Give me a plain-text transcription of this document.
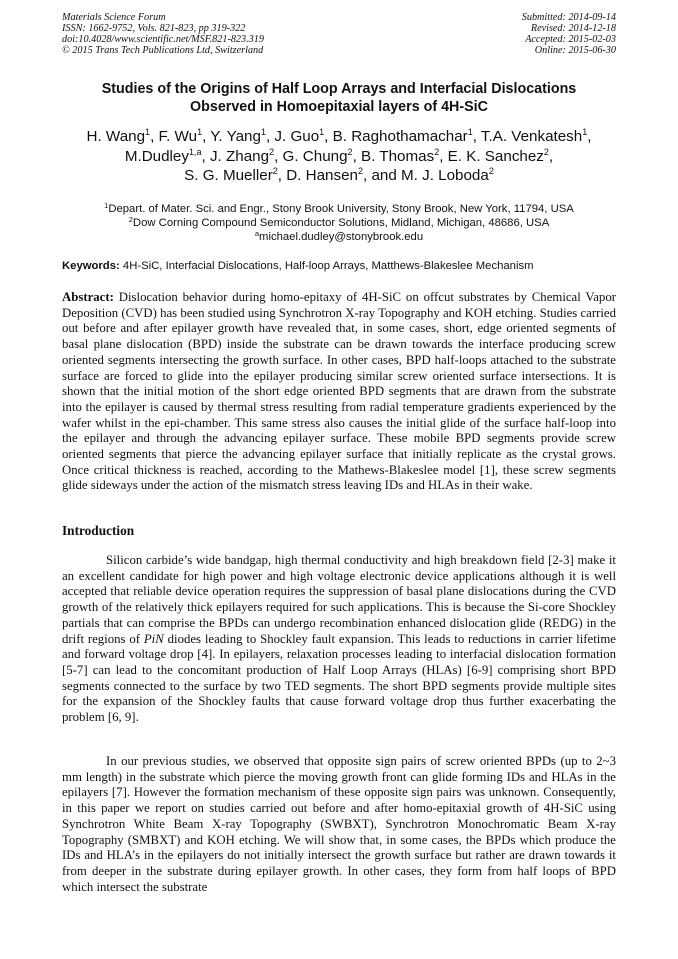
Materials Science Forum
ISSN: 1662-9752, Vols. 821-823, pp 319-322
doi:10.4028/www.scientific.net/MSF.821-823.319
© 2015 Trans Tech Publications Ltd, Switzerland
Submitted: 2014-09-14
Revised: 2014-12-18
Accepted: 2015-02-03
Online: 2015-06-30
Studies of the Origins of Half Loop Arrays and Interfacial Dislocations
Observed in Homoepitaxial layers of 4H-SiC
H. Wang$^1$, F. Wu$^1$, Y. Yang$^1$, J. Guo$^1$, B. Raghothamachar$^1$, T.A. Venkatesh$^1$,
M.Dudley$^{1,a}$, J. Zhang$^2$, G. Chung$^2$, B. Thomas$^2$, E. K. Sanchez$^2$,
S. G. Mueller$^2$, D. Hansen$^2$, and M. J. Loboda$^2$
$^1$Depart. of Mater. Sci. and Engr., Stony Brook University, Stony Brook, New York, 11794, USA
$^2$Dow Corning Compound Semiconductor Solutions, Midland, Michigan, 48686, USA
$^a$michael.dudley@stonybrook.edu
Keywords: 4H-SiC, Interfacial Dislocations, Half-loop Arrays, Matthews-Blakeslee Mechanism
Abstract: Dislocation behavior during homo-epitaxy of 4H-SiC on offcut substrates by Chemical Vapor Deposition (CVD) has been studied using Synchrotron X-ray Topography and KOH etching. Studies carried out before and after epilayer growth have revealed that, in some cases, short, edge oriented segments of basal plane dislocation (BPD) inside the substrate can be drawn towards the interface producing screw oriented segments intersecting the growth surface. In other cases, BPD half-loops attached to the substrate surface are forced to glide into the epilayer producing similar screw oriented surface intersections. It is shown that the initial motion of the short edge oriented BPD segments that are drawn from the substrate into the epilayer is caused by thermal stress resulting from radial temperature gradients experienced by the wafer whilst in the epi-chamber. This same stress also causes the initial glide of the surface half-loop into the epilayer and through the advancing epilayer surface. These mobile BPD segments provide screw oriented segments that pierce the advancing epilayer surface that initially replicate as the crystal grows. Once critical thickness is reached, according to the Mathews-Blakeslee model [1], these screw segments glide sideways under the action of the mismatch stress leaving IDs and HLAs in their wake.
Introduction
Silicon carbide’s wide bandgap, high thermal conductivity and high breakdown field [2-3] make it an excellent candidate for high power and high voltage electronic device applications although it is well accepted that reliable device operation requires the suppression of basal plane dislocations during the CVD growth of the relatively thick epilayers required for such applications. This is because the Si-core Shockley partials that can comprise the BPDs can undergo recombination enhanced dislocation glide (REDG) in the drift regions of PiN diodes leading to Shockley fault expansion. This leads to reductions in carrier lifetime and forward voltage drop [4]. In epilayers, relaxation processes leading to interfacial dislocation formation [5-7] can lead to the concomitant production of Half Loop Arrays (HLAs) [6-9] comprising short BPD segments connected to the surface by two TED segments. The short BPD segments provide multiple sites for the expansion of the Shockley faults that cause forward voltage drop thus further exacerbating the problem [6, 9].
In our previous studies, we observed that opposite sign pairs of screw oriented BPDs (up to 2~3 mm length) in the substrate which pierce the moving growth front can glide forming IDs and HLAs in the epilayers [7]. However the formation mechanism of these opposite sign pairs was unknown. Consequently, in this paper we report on studies carried out before and after homo-epitaxial growth of 4H-SiC using Synchrotron White Beam X-ray Topography (SWBXT), Synchrotron Monochromatic Beam X-ray Topography (SMBXT) and KOH etching. We will show that, in some cases, the BPDs which produce the IDs and HLA’s in the epilayers do not initially intersect the growth surface but rather are drawn towards it from deeper in the substrate during epilayer growth. In other cases, they form from half loops of BPD which intersect the substrate
